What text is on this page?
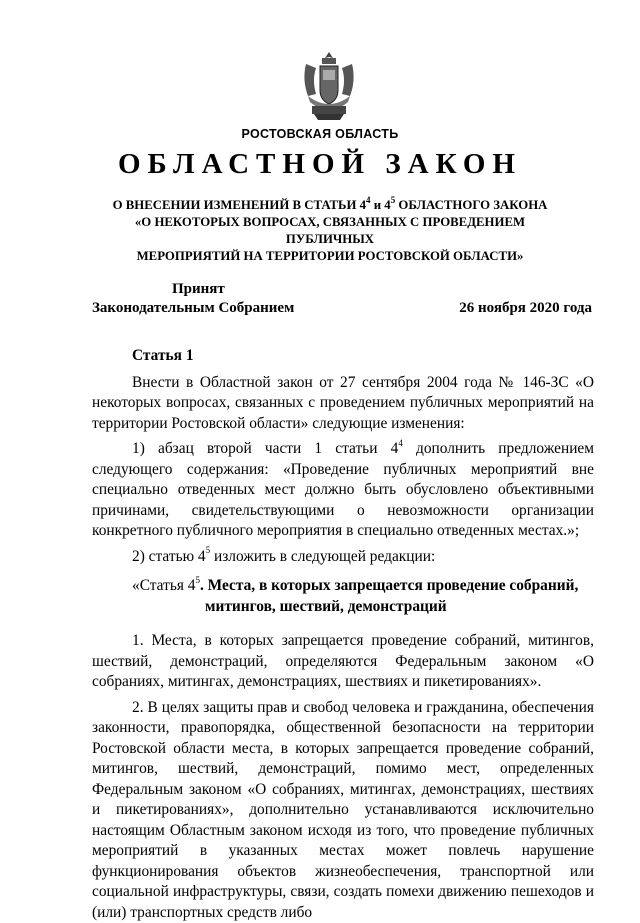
РОСТОВСКАЯ ОБЛАСТЬ
ОБЛАСТНОЙ ЗАКОН
О ВНЕСЕНИИ ИЗМЕНЕНИЙ В СТАТЬИ $4^4$ и $4^5$ ОБЛАСТНОГО ЗАКОНА
«О НЕКОТОРЫХ ВОПРОСАХ, СВЯЗАННЫХ С ПРОВЕДЕНИЕМ ПУБЛИЧНЫХ
МЕРОПРИЯТИЙ НА ТЕРРИТОРИИ РОСТОВСКОЙ ОБЛАСТИ»
Принят
Законодательным Собранием	26 ноября 2020 года

Статья 1

Внести в Областной закон от 27 сентября 2004 года № 146-ЗС «О некоторых вопросах, связанных с проведением публичных мероприятий на территории Ростовской области» следующие изменения:

1) абзац второй части 1 статьи $4^4$ дополнить предложением следующего содержания: «Проведение публичных мероприятий вне специально отведенных мест должно быть обусловлено объективными причинами, свидетельствующими о невозможности организации конкретного публичного мероприятия в специально отведенных местах.»;

2) статью $4^5$ изложить в следующей редакции:

«Статья $4^5$. Места, в которых запрещается проведение собраний,

митингов, шествий, демонстраций

1. Места, в которых запрещается проведение собраний, митингов, шествий, демонстраций, определяются Федеральным законом «О собраниях, митингах, демонстрациях, шествиях и пикетированиях».

2. В целях защиты прав и свобод человека и гражданина, обеспечения законности, правопорядка, общественной безопасности на территории Ростовской области места, в которых запрещается проведение собраний, митингов, шествий, демонстраций, помимо мест, определенных Федеральным законом «О собраниях, митингах, демонстрациях, шествиях и пикетированиях», дополнительно устанавливаются исключительно настоящим Областным законом исходя из того, что проведение публичных мероприятий в указанных местах может повлечь нарушение функционирования объектов жизнеобеспечения, транспортной или социальной инфраструктуры, связи, создать помехи движению пешеходов и (или) транспортных средств либо
